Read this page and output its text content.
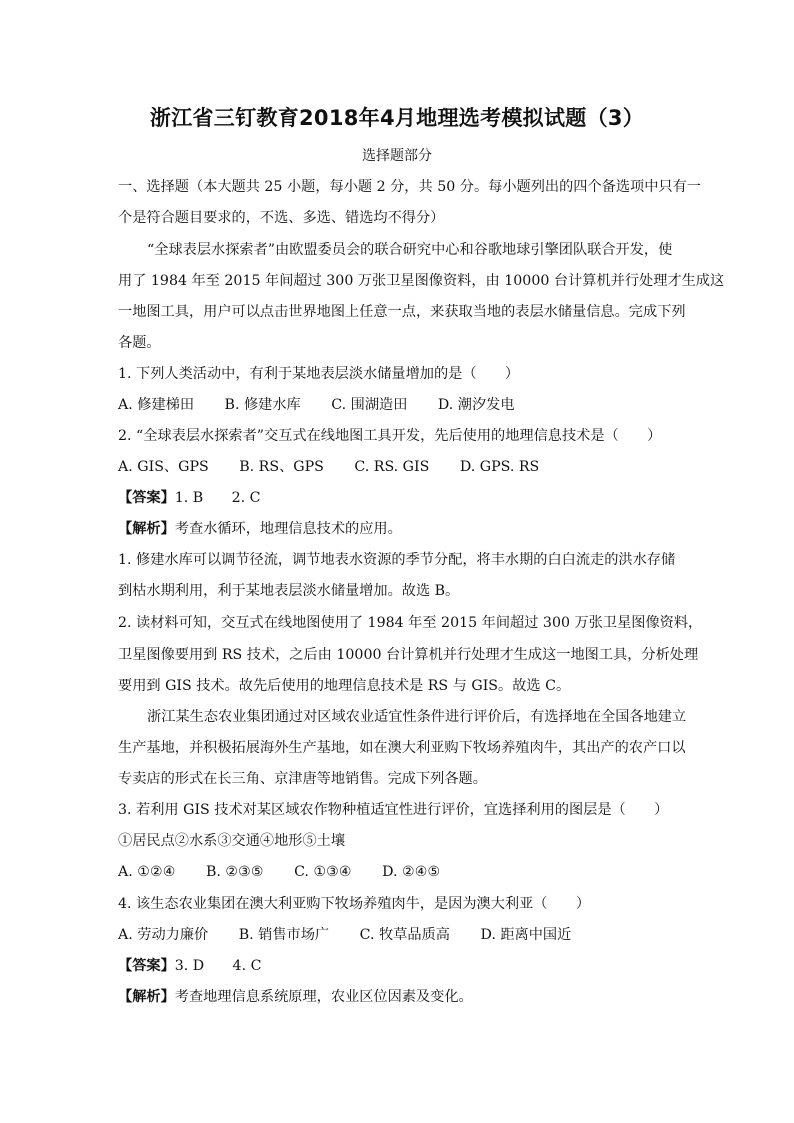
浙江省三钉教育2018年4月地理选考模拟试题（3）
选择题部分
一、选择题（本大题共 25 小题，每小题 2 分，共 50 分。每小题列出的四个备选项中只有一
个是符合题目要求的，不选、多选、错选均不得分）
“全球表层水探索者”由欧盟委员会的联合研究中心和谷歌地球引擎团队联合开发，使
用了 1984 年至 2015 年间超过 300 万张卫星图像资料，由 10000 台计算机并行处理才生成这
一地图工具，用户可以点击世界地图上任意一点，来获取当地的表层水储量信息。完成下列
各题。
1. 下列人类活动中，有利于某地表层淡水储量增加的是（　　）
A. 修建梯田 B. 修建水库 C. 围湖造田 D. 潮汐发电
2. “全球表层水探索者”交互式在线地图工具开发，先后使用的地理信息技术是（　　）
A. GIS、GPS B. RS、GPS C. RS. GIS D. GPS. RS
【答案】1. B　　2. C
【解析】考查水循环，地理信息技术的应用。
1. 修建水库可以调节径流，调节地表水资源的季节分配，将丰水期的白白流走的洪水存储
到枯水期利用，利于某地表层淡水储量增加。故选 B。
2. 读材料可知，交互式在线地图使用了 1984 年至 2015 年间超过 300 万张卫星图像资料，
卫星图像要用到 RS 技术，之后由 10000 台计算机并行处理才生成这一地图工具，分析处理
要用到 GIS 技术。故先后使用的地理信息技术是 RS 与 GIS。故选 C。
浙江某生态农业集团通过对区域农业适宜性条件进行评价后，有选择地在全国各地建立
生产基地，并积极拓展海外生产基地，如在澳大利亚购下牧场养殖肉牛，其出产的农产口以
专卖店的形式在长三角、京津唐等地销售。完成下列各题。
3. 若利用 GIS 技术对某区域农作物种植适宜性进行评价，宜选择利用的图层是（　　）
①居民点②水系③交通④地形⑤土壤
A. ①②④ B. ②③⑤ C. ①③④ D. ②④⑤
4. 该生态农业集团在澳大利亚购下牧场养殖肉牛，是因为澳大利亚（　　）
A. 劳动力廉价 B. 销售市场广 C. 牧草品质高 D. 距离中国近
【答案】3. D　　4. C
【解析】考查地理信息系统原理，农业区位因素及变化。
